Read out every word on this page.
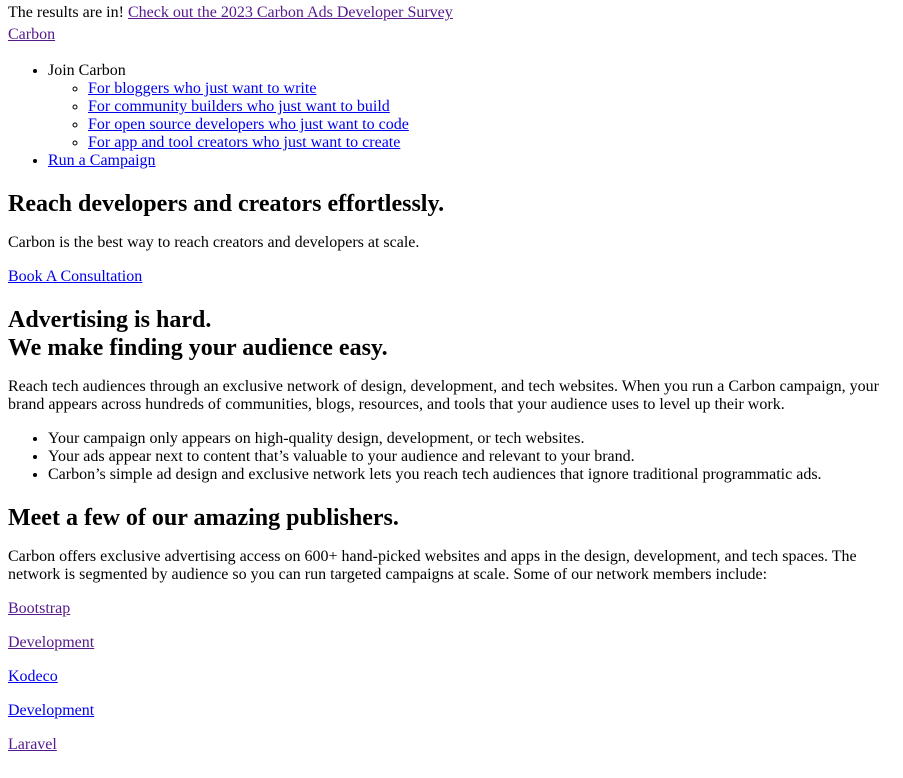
The results are in! Check out the 2023 Carbon Ads Developer Survey
Carbon
• Join Carbon
◦ For bloggers who just want to write
◦ For community builders who just want to build
◦ For open source developers who just want to code
◦ For app and tool creators who just want to create
• Run a Campaign
Reach developers and creators effortlessly.

Carbon is the best way to reach creators and developers at scale.

Book A Consultation

Advertising is hard.
We make finding your audience easy.

Reach tech audiences through an exclusive network of design, development, and tech websites. When you run a Carbon campaign, your brand appears across hundreds of communities, blogs, resources, and tools that your audience uses to level up their work.

• Your campaign only appears on high-quality design, development, or tech websites.
• Your ads appear next to content that’s valuable to your audience and relevant to your brand.
• Carbon’s simple ad design and exclusive network lets you reach tech audiences that ignore traditional programmatic ads.
Meet a few of our amazing publishers.

Carbon offers exclusive advertising access on 600+ hand-picked websites and apps in the design, development, and tech spaces. The network is segmented by audience so you can run targeted campaigns at scale. Some of our network members include:

Bootstrap

Development

Kodeco

Development

Laravel
